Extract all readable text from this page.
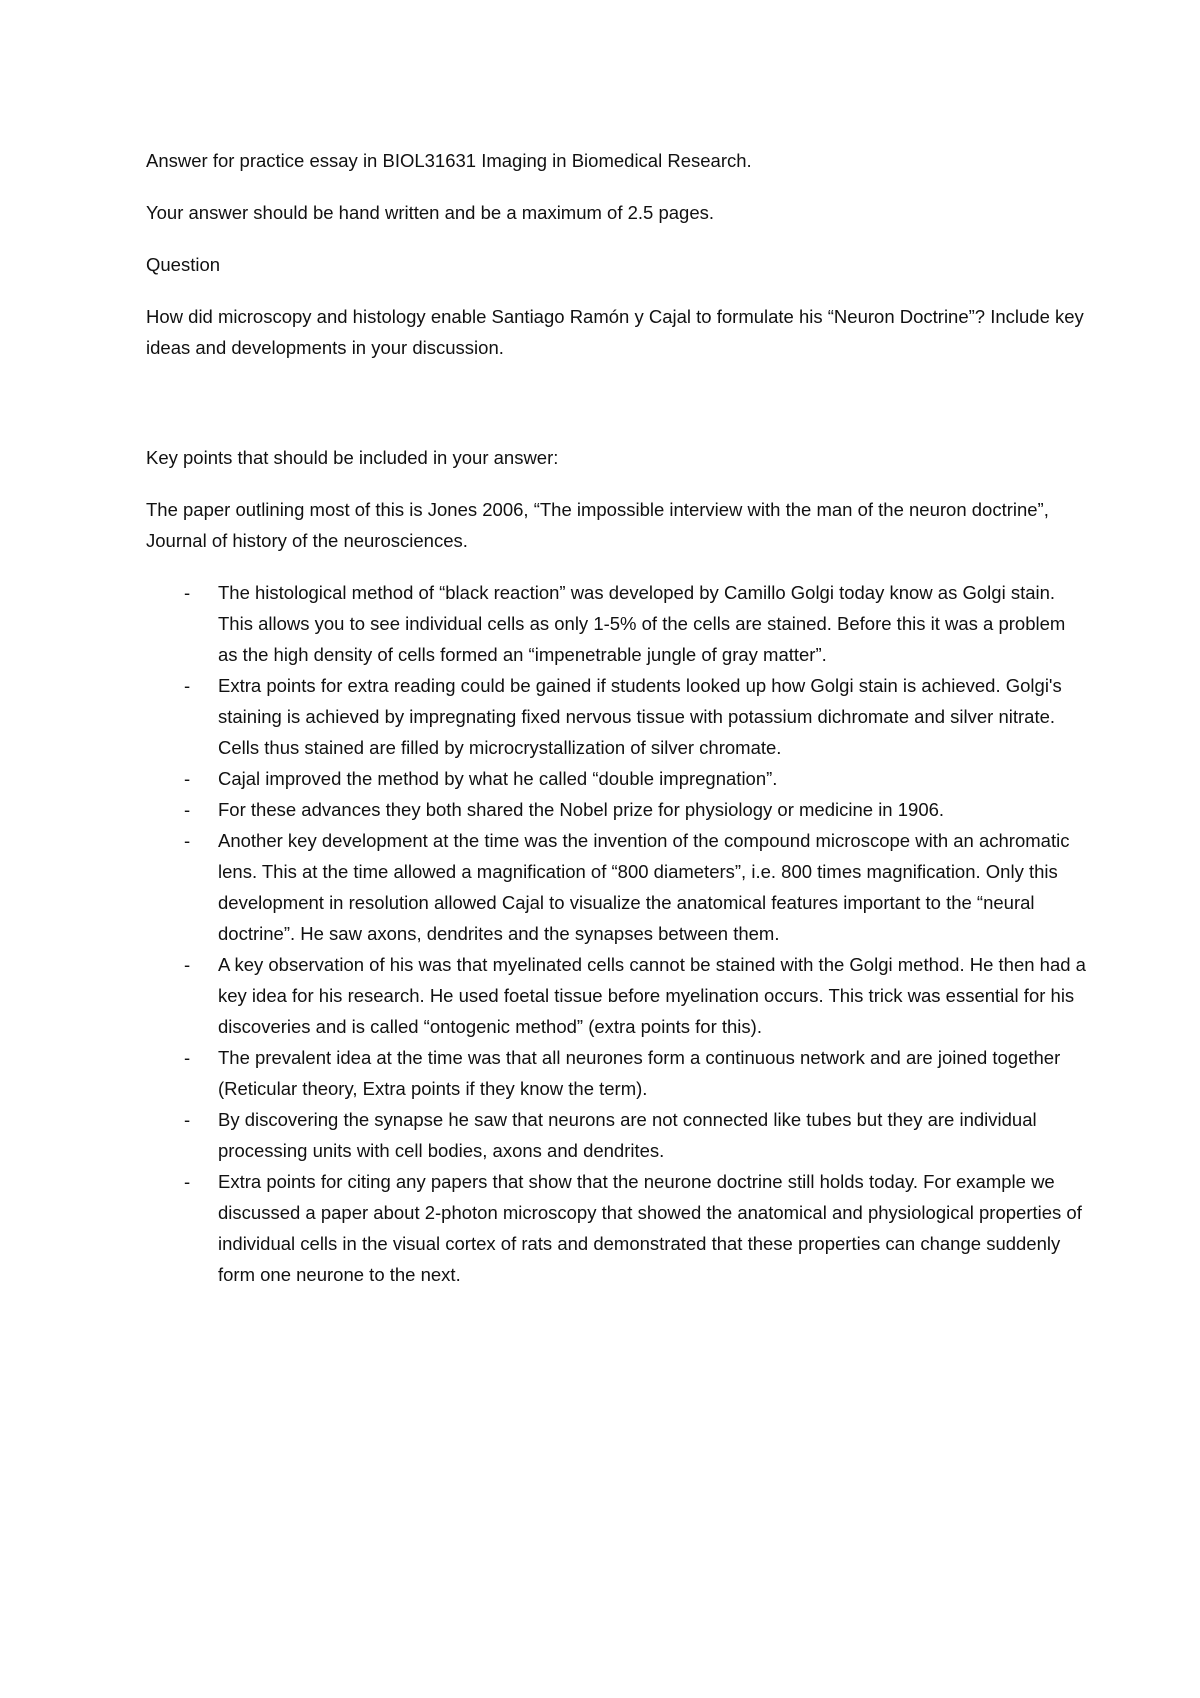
Answer for practice essay in BIOL31631 Imaging in Biomedical Research.

Your answer should be hand written and be a maximum of 2.5 pages.

Question

How did microscopy and histology enable Santiago Ramón y Cajal to formulate his “Neuron Doctrine”? Include key ideas and developments in your discussion.

Key points that should be included in your answer:

The paper outlining most of this is Jones 2006, “The impossible interview with the man of the neuron doctrine”, Journal of history of the neurosciences.

- The histological method of “black reaction” was developed by Camillo Golgi today know as Golgi stain. This allows you to see individual cells as only 1-5% of the cells are stained. Before this it was a problem as the high density of cells formed an “impenetrable jungle of gray matter”.
- Extra points for extra reading could be gained if students looked up how Golgi stain is achieved. Golgi's staining is achieved by impregnating fixed nervous tissue with potassium dichromate and silver nitrate. Cells thus stained are filled by microcrystallization of silver chromate.
- Cajal improved the method by what he called “double impregnation”.
- For these advances they both shared the Nobel prize for physiology or medicine in 1906.
- Another key development at the time was the invention of the compound microscope with an achromatic lens. This at the time allowed a magnification of “800 diameters”, i.e. 800 times magnification. Only this development in resolution allowed Cajal to visualize the anatomical features important to the “neural doctrine”. He saw axons, dendrites and the synapses between them.
- A key observation of his was that myelinated cells cannot be stained with the Golgi method. He then had a key idea for his research. He used foetal tissue before myelination occurs. This trick was essential for his discoveries and is called “ontogenic method” (extra points for this).
- The prevalent idea at the time was that all neurones form a continuous network and are joined together (Reticular theory, Extra points if they know the term).
- By discovering the synapse he saw that neurons are not connected like tubes but they are individual processing units with cell bodies, axons and dendrites.
- Extra points for citing any papers that show that the neurone doctrine still holds today. For example we discussed a paper about 2-photon microscopy that showed the anatomical and physiological properties of individual cells in the visual cortex of rats and demonstrated that these properties can change suddenly form one neurone to the next.
